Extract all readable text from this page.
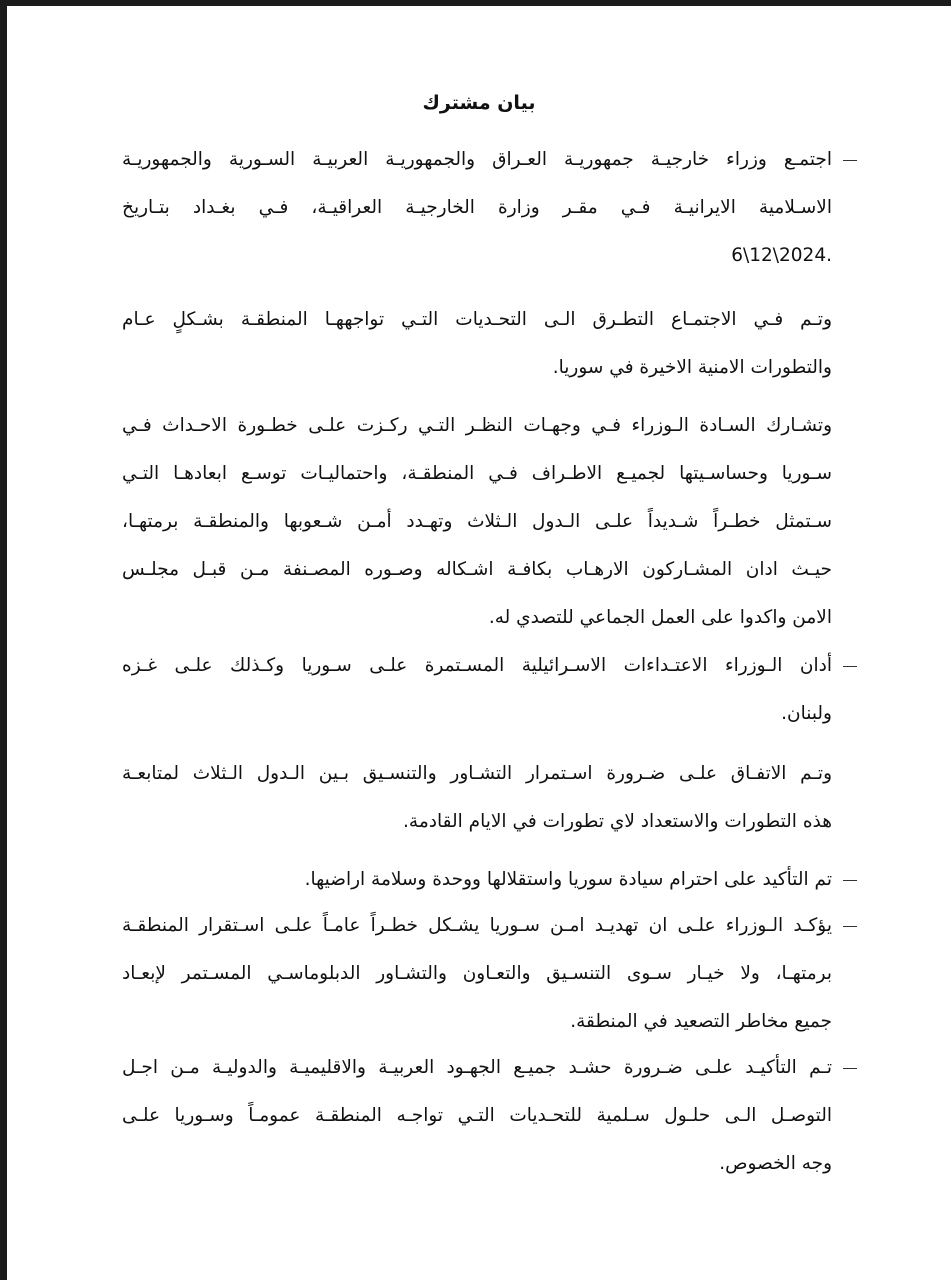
بيان مشترك
اجتمـع وزراء خارجيـة جمهوريـة العـراق والجمهوريـة العربيـة السـورية والجمهوريـة
الاسـلامية الايرانيـة فـي مقـر وزارة الخارجيـة العراقيـة، فـي بغـداد بتـاريخ
.2024\12\6
وتـم فـي الاجتمـاع التطـرق الـى التحـديات التـي تواجههـا المنطقـة بشـكلٍ عـام
والتطورات الامنية الاخيرة في سوريا.
وتشـارك السـادة الـوزراء فـي وجهـات النظـر التـي ركـزت علـى خطـورة الاحـداث فـي
سـوريا وحساسـيتها لجميـع الاطـراف فـي المنطقـة، واحتماليـات توسـع ابعادهـا التـي
سـتمثل خطـراً شـديداً علـى الـدول الـثلاث وتهـدد أمـن شـعوبها والمنطقـة برمتهـا،
حيـث ادان المشـاركون الارهـاب بكافـة اشـكاله وصـوره المصـنفة مـن قبـل مجلـس
الامن واكدوا على العمل الجماعي للتصدي له.
أدان الـوزراء الاعتـداءات الاسـرائيلية المسـتمرة علـى سـوريا وكـذلك علـى غـزه
ولبنان.
وتـم الاتفـاق علـى ضـرورة اسـتمرار التشـاور والتنسـيق بـين الـدول الـثلاث لمتابعـة
هذه التطورات والاستعداد لاي تطورات في الايام القادمة.
تم التأكيد على احترام سيادة سوريا واستقلالها ووحدة وسلامة اراضيها.
يؤكـد الـوزراء علـى ان تهديـد امـن سـوريا يشـكل خطـراً عامـاً علـى اسـتقرار المنطقـة
برمتهـا، ولا خيـار سـوى التنسـيق والتعـاون والتشـاور الدبلوماسـي المسـتمر لإبعـاد
جميع مخاطر التصعيد في المنطقة.
تـم التأكيـد علـى ضـرورة حشـد جميـع الجهـود العربيـة والاقليميـة والدوليـة مـن اجـل
التوصـل الـى حلـول سـلمية للتحـديات التـي تواجـه المنطقـة عمومـاً وسـوريا علـى
وجه الخصوص.
